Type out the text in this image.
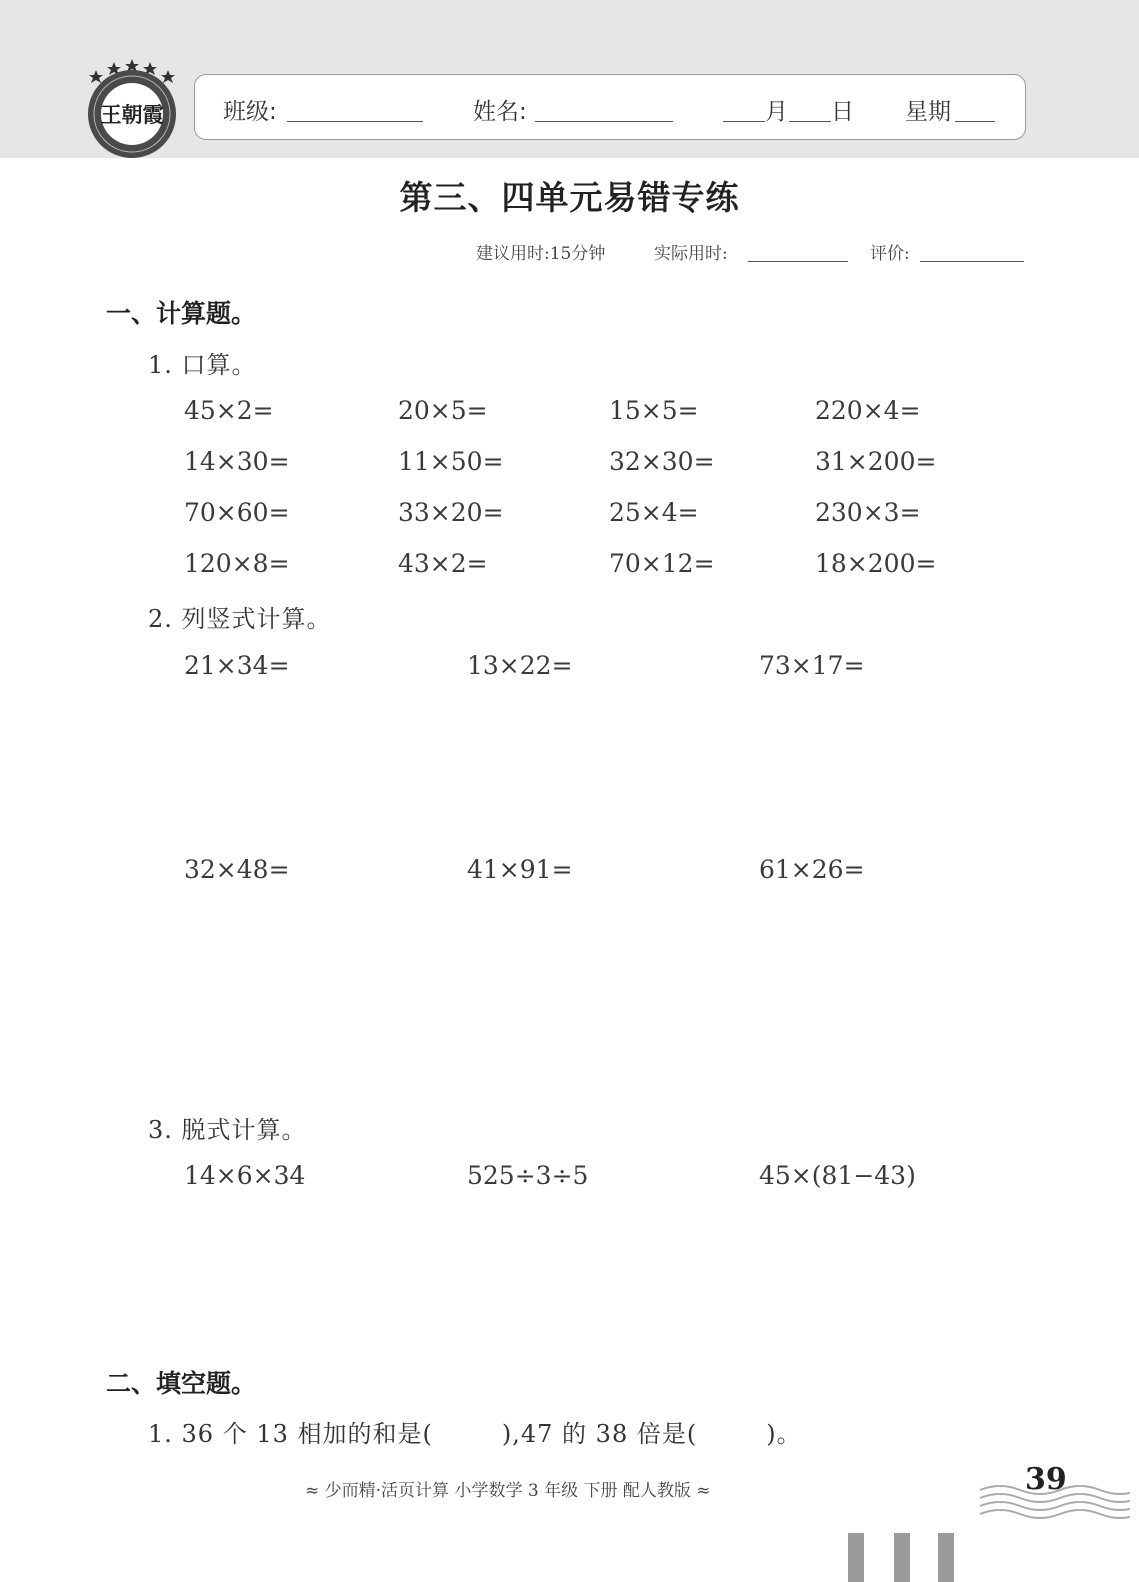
王朝霞	班级:	姓名:	月 日 星期
第三、四单元易错专练
建议用时:15分钟	实际用时:	评价:
一、计算题。
1. 口算。
45×2=	20×5=	15×5=	220×4=
14×30=	11×50=	32×30=	31×200=
70×60=	33×20=	25×4=	230×3=
120×8=	43×2=	70×12=	18×200=
2. 列竖式计算。
21×34=	13×22=	73×17=
32×48=	41×91=	61×26=
3. 脱式计算。
14×6×34	525÷3÷5	45×(81−43)
二、填空题。
1. 36 个 13 相加的和是(        ),47 的 38 倍是(        )。
≈ 少而精·活页计算 小学数学 3 年级 下册 配人教版 ≈	39
